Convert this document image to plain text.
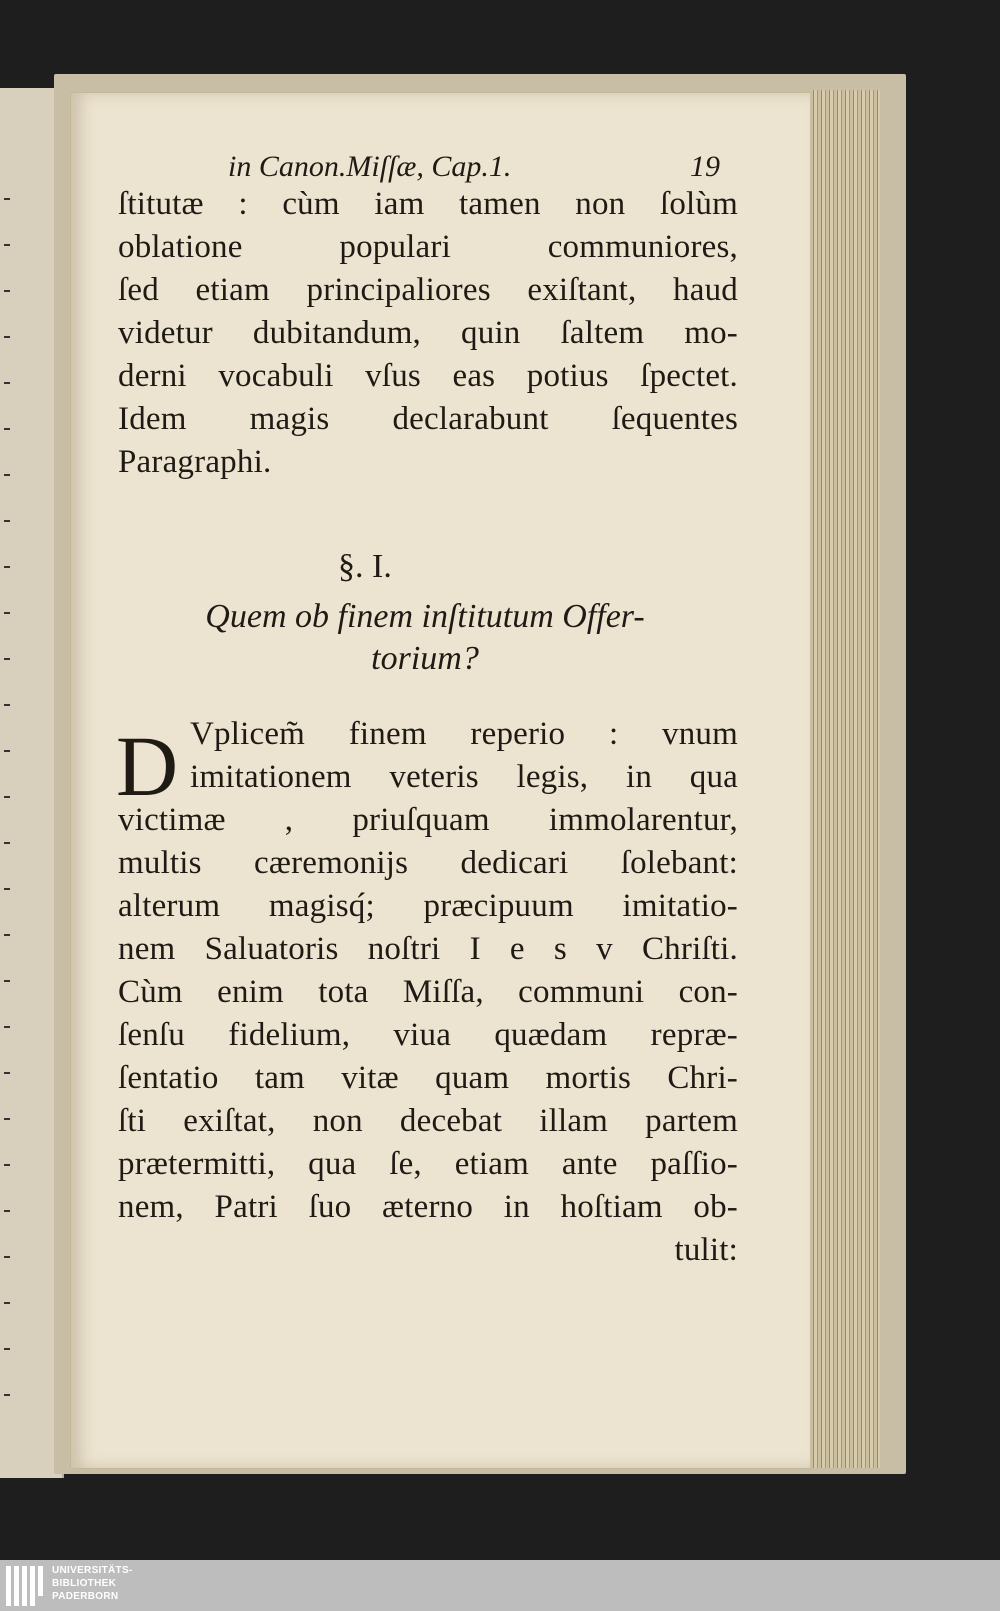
in Canon.Miſſæ, Cap.1.	19
ſtitutæ : cùm iam tamen non ſolùm
oblatione populari communiores,
ſed etiam principaliores exiſtant, haud
videtur dubitandum, quin ſaltem mo-
derni vocabuli vſus eas potius ſpectet.
Idem magis declarabunt ſequentes
Paragraphi.
§. I.
Quem ob finem inſtitutum Offer-
torium?
D Vplicem̃ finem reperio : vnum
imitationem veteris legis, in qua
victimæ , priuſquam immolarentur,
multis cæremonijs dedicari ſolebant:
alterum magisq́; præcipuum imitatio-
nem Saluatoris noſtri I e s v Chriſti.
Cùm enim tota Miſſa, communi con-
ſenſu fidelium, viua quædam repræ-
ſentatio tam vitæ quam mortis Chri-
ſti exiſtat, non decebat illam partem
prætermitti, qua ſe, etiam ante paſſio-
nem, Patri ſuo æterno in hoſtiam ob-
tulit:
UNIVERSITÄTS-
BIBLIOTHEK
PADERBORN
